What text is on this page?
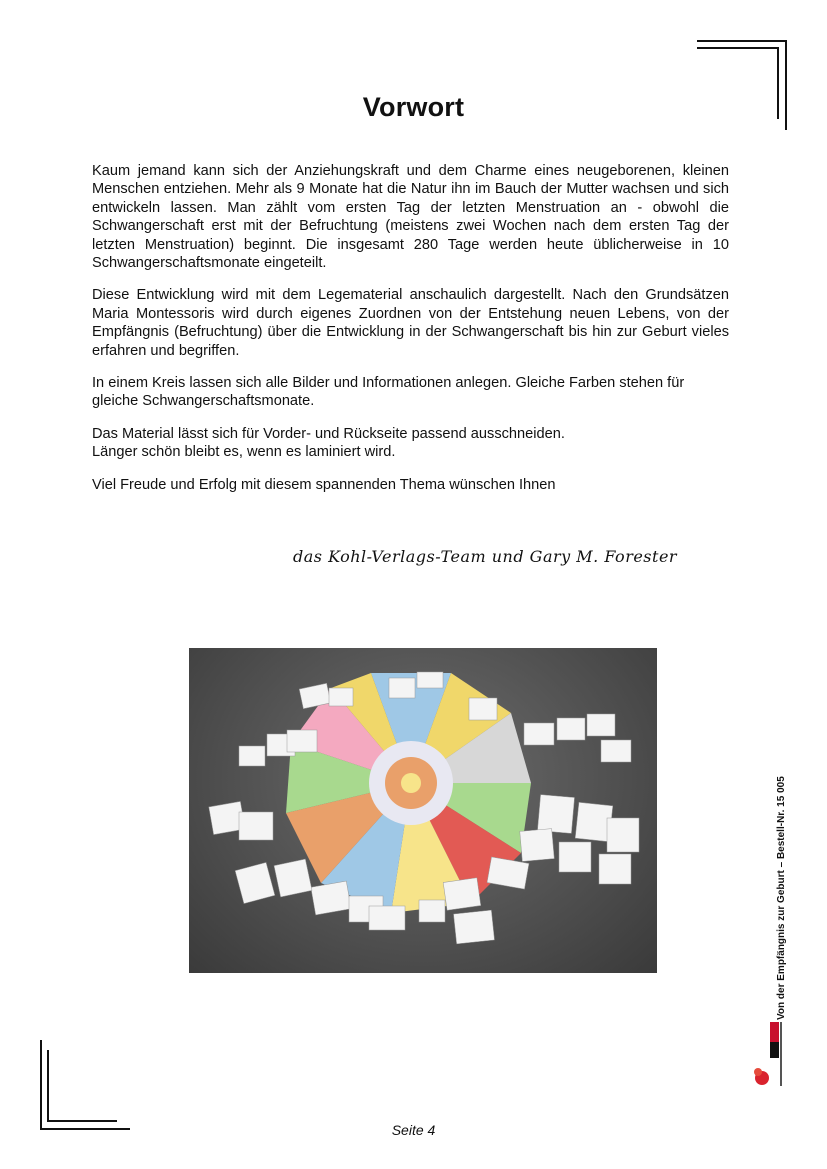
Vorwort

Kaum jemand kann sich der Anziehungskraft und dem Charme eines neugeborenen, kleinen Menschen entziehen. Mehr als 9 Monate hat die Natur ihn im Bauch der Mutter wachsen und sich entwickeln lassen. Man zählt vom ersten Tag der letzten Menstruation an - obwohl die Schwangerschaft erst mit der Befruchtung (meistens zwei Wochen nach dem ersten Tag der letzten Menstruation) beginnt. Die insgesamt 280 Tage werden heute üblicherweise in 10 Schwangerschaftsmonate eingeteilt.

Diese Entwicklung wird mit dem Legematerial anschaulich dargestellt. Nach den Grundsätzen Maria Montessoris wird durch eigenes Zuordnen von der Entstehung neuen Lebens, von der Empfängnis (Befruchtung) über die Entwicklung in der Schwangerschaft bis hin zur Geburt vieles erfahren und begriffen.

In einem Kreis lassen sich alle Bilder und Informationen anlegen. Gleiche Farben stehen für gleiche Schwangerschaftsmonate.

Das Material lässt sich für Vorder- und Rückseite passend ausschneiden.
Länger schön bleibt es, wenn es laminiert wird.

Viel Freude und Erfolg mit diesem spannenden Thema wünschen Ihnen

das Kohl-Verlags-Team und Gary M. Forester
Von der Empfängnis zur Geburt – Bestell-Nr. 15 005
Seite 4
